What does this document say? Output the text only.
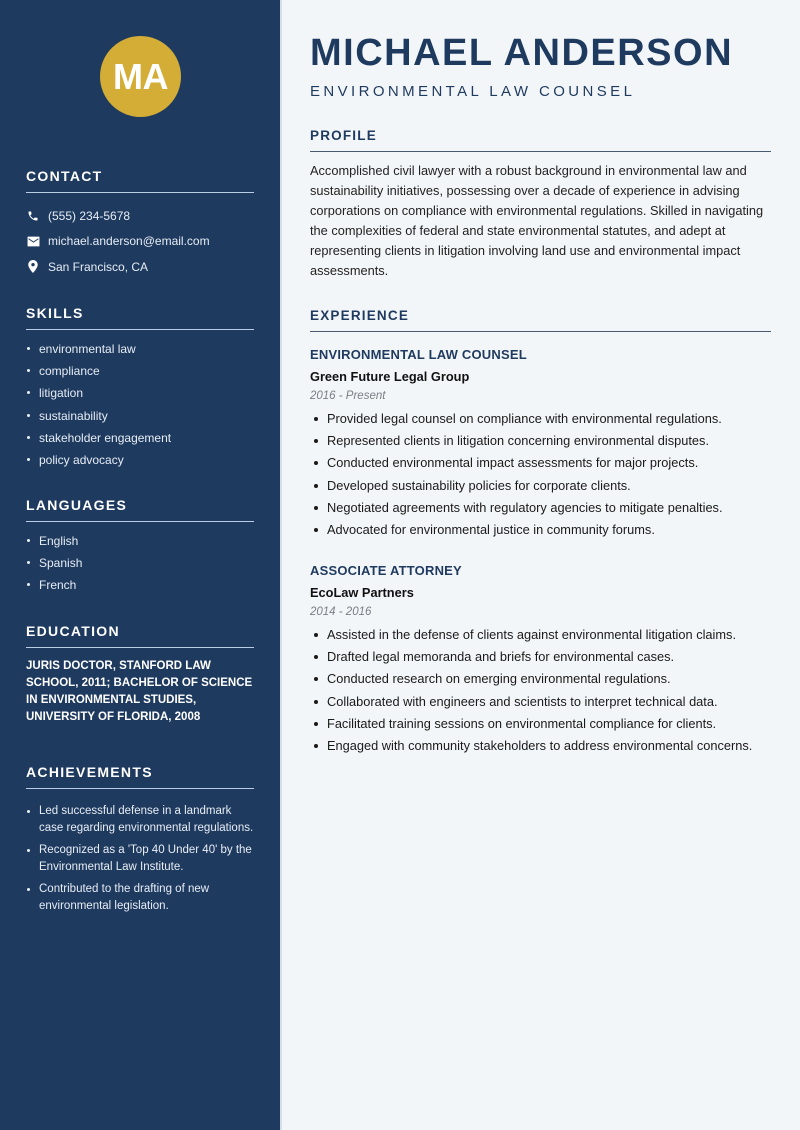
MA
CONTACT
(555) 234-5678
michael.anderson@email.com
San Francisco, CA
SKILLS
environmental law
compliance
litigation
sustainability
stakeholder engagement
policy advocacy
LANGUAGES
English
Spanish
French
EDUCATION

JURIS DOCTOR, STANFORD LAW SCHOOL, 2011; BACHELOR OF SCIENCE IN ENVIRONMENTAL STUDIES, UNIVERSITY OF FLORIDA, 2008

ACHIEVEMENTS
Led successful defense in a landmark case regarding environmental regulations.
Recognized as a 'Top 40 Under 40' by the Environmental Law Institute.
Contributed to the drafting of new environmental legislation.
MICHAEL ANDERSON
ENVIRONMENTAL LAW COUNSEL
PROFILE

Accomplished civil lawyer with a robust background in environmental law and sustainability initiatives, possessing over a decade of experience in advising corporations on compliance with environmental regulations. Skilled in navigating the complexities of federal and state environmental statutes, and adept at representing clients in litigation involving land use and environmental impact assessments.

EXPERIENCE
ENVIRONMENTAL LAW COUNSEL
Green Future Legal Group
2016 - Present
Provided legal counsel on compliance with environmental regulations.
Represented clients in litigation concerning environmental disputes.
Conducted environmental impact assessments for major projects.
Developed sustainability policies for corporate clients.
Negotiated agreements with regulatory agencies to mitigate penalties.
Advocated for environmental justice in community forums.
ASSOCIATE ATTORNEY
EcoLaw Partners
2014 - 2016
Assisted in the defense of clients against environmental litigation claims.
Drafted legal memoranda and briefs for environmental cases.
Conducted research on emerging environmental regulations.
Collaborated with engineers and scientists to interpret technical data.
Facilitated training sessions on environmental compliance for clients.
Engaged with community stakeholders to address environmental concerns.
